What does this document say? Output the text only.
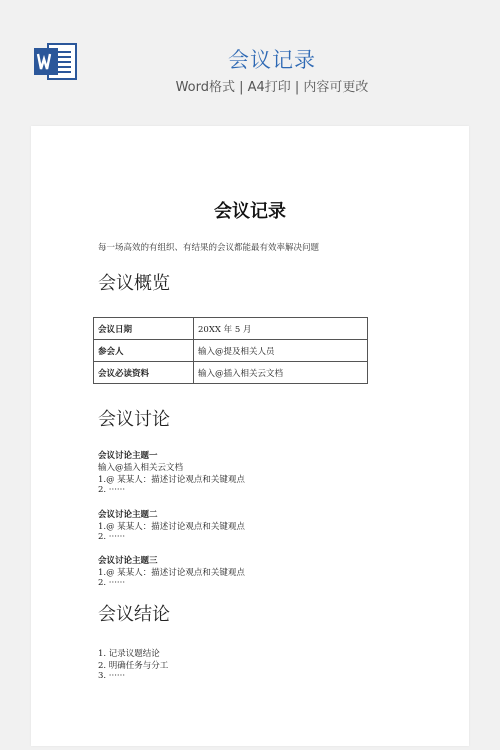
会议记录
Word格式 | A4打印 | 内容可更改
会议记录
每一场高效的有组织、有结果的会议都能最有效率解决问题
会议概览
会议日期	20XX 年 5 月
参会人	输入@提及相关人员
会议必读资料	输入@插入相关云文档
会议讨论
会议讨论主题一
输入@插入相关云文档
1.@ 某某人：描述讨论观点和关键观点
2. ······
会议讨论主题二
1.@ 某某人：描述讨论观点和关键观点
2. ······
会议讨论主题三
1.@ 某某人：描述讨论观点和关键观点
2. ······
会议结论
1. 记录议题结论
2. 明确任务与分工
3. ······
